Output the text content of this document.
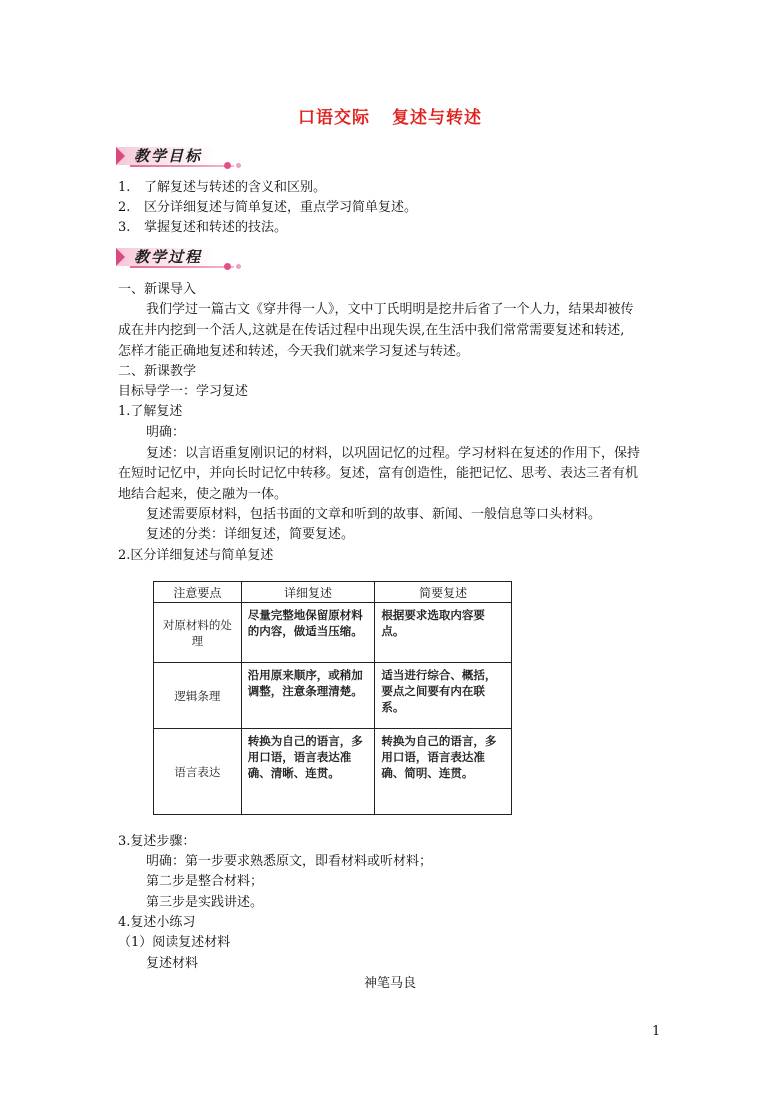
口语交际 复述与转述
教学目标
1. 了解复述与转述的含义和区别。
2. 区分详细复述与简单复述，重点学习简单复述。
3. 掌握复述和转述的技法。
教学过程
一、新课导入
我们学过一篇古文《穿井得一人》，文中丁氏明明是挖井后省了一个人力，结果却被传
成在井内挖到一个活人,这就是在传话过程中出现失误,在生活中我们常常需要复述和转述,
怎样才能正确地复述和转述，今天我们就来学习复述与转述。
二、新课教学
目标导学一：学习复述
1.了解复述
明确：
复述：以言语重复刚识记的材料，以巩固记忆的过程。学习材料在复述的作用下，保持
在短时记忆中，并向长时记忆中转移。复述，富有创造性，能把记忆、思考、表达三者有机
地结合起来，使之融为一体。
复述需要原材料，包括书面的文章和听到的故事、新闻、一般信息等口头材料。
复述的分类：详细复述，简要复述。
2.区分详细复述与简单复述
注意要点	详细复述	简要复述

对原材料的处理	尽量完整地保留原材料的内容，做适当压缩。	根据要求选取内容要点。

逻辑条理	沿用原来顺序，或稍加调整，注意条理清楚。	适当进行综合、概括，要点之间要有内在联系。

语言表达	转换为自己的语言，多用口语，语言表达准确、清晰、连贯。	转换为自己的语言，多用口语，语言表达准确、简明、连贯。
3.复述步骤：
明确：第一步要求熟悉原文，即看材料或听材料；
第二步是整合材料；
第三步是实践讲述。
4.复述小练习
（1）阅读复述材料
复述材料
神笔马良
1
